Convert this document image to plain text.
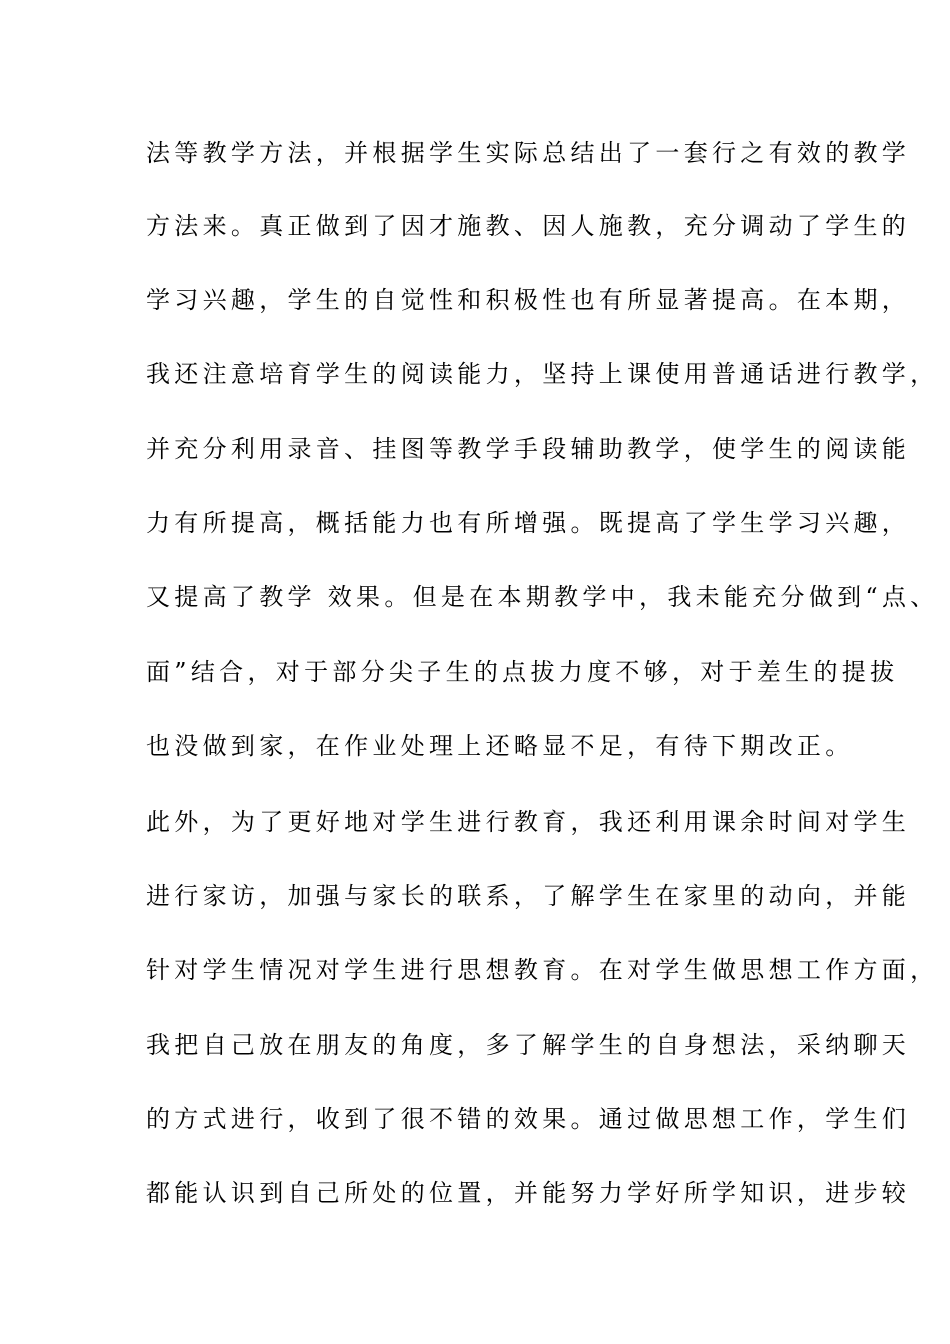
法等教学方法，并根据学生实际总结出了一套行之有效的教学
方法来。真正做到了因才施教、因人施教，充分调动了学生的
学习兴趣，学生的自觉性和积极性也有所显著提高。在本期，
我还注意培育学生的阅读能力，坚持上课使用普通话进行教学，
并充分利用录音、挂图等教学手段辅助教学，使学生的阅读能
力有所提高，概括能力也有所增强。既提高了学生学习兴趣，
又提高了教学 效果。但是在本期教学中，我未能充分做到“点、
面”结合，对于部分尖子生的点拔力度不够，对于差生的提拔
也没做到家，在作业处理上还略显不足，有待下期改正。
此外，为了更好地对学生进行教育，我还利用课余时间对学生
进行家访，加强与家长的联系，了解学生在家里的动向，并能
针对学生情况对学生进行思想教育。在对学生做思想工作方面，
我把自己放在朋友的角度，多了解学生的自身想法，采纳聊天
的方式进行，收到了很不错的效果。通过做思想工作，学生们
都能认识到自己所处的位置，并能努力学好所学知识，进步较
